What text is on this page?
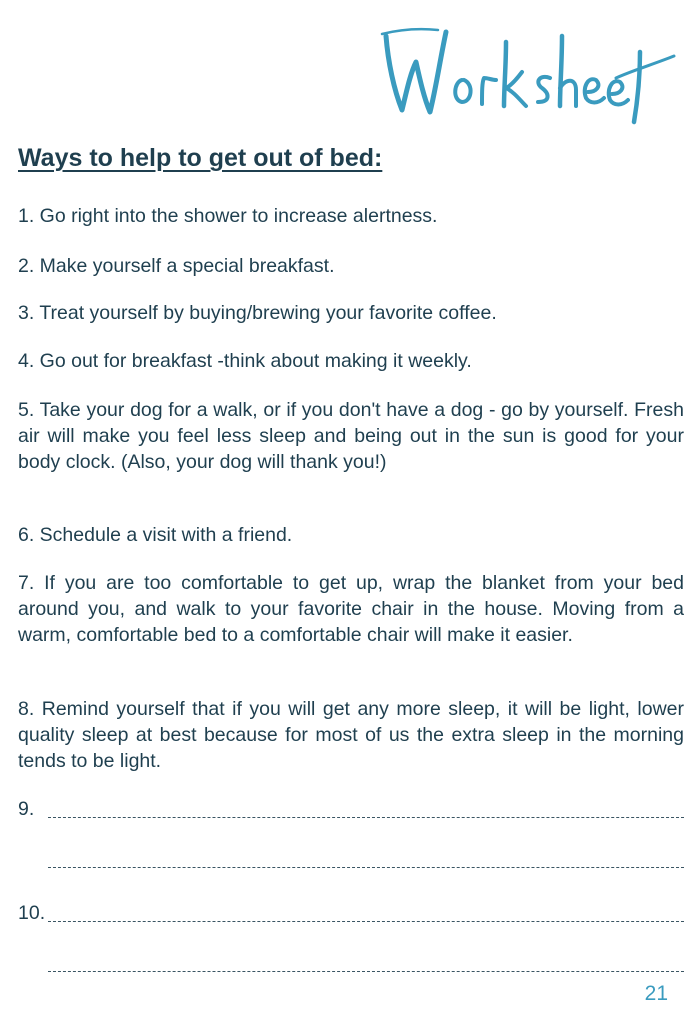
Ways to help to get out of bed:

1. Go right into the shower to increase alertness.

2. Make yourself a special breakfast.

3. Treat yourself by buying/brewing your favorite coffee.

4. Go out for breakfast -think about making it weekly.

5. Take your dog for a walk, or if you don't have a dog - go by yourself. Fresh air will make you feel less sleep and being out in the sun is good for your body clock. (Also, your dog will thank you!)

6. Schedule a visit with a friend.

7. If you are too comfortable to get up, wrap the blanket from your bed around you, and walk to your favorite chair in the house. Moving from a warm, comfortable bed to a comfortable chair will make it easier.

8. Remind yourself that if you will get any more sleep, it will be light, lower quality sleep at best because for most of us the extra sleep in the morning tends to be light.

9.
10.
21
